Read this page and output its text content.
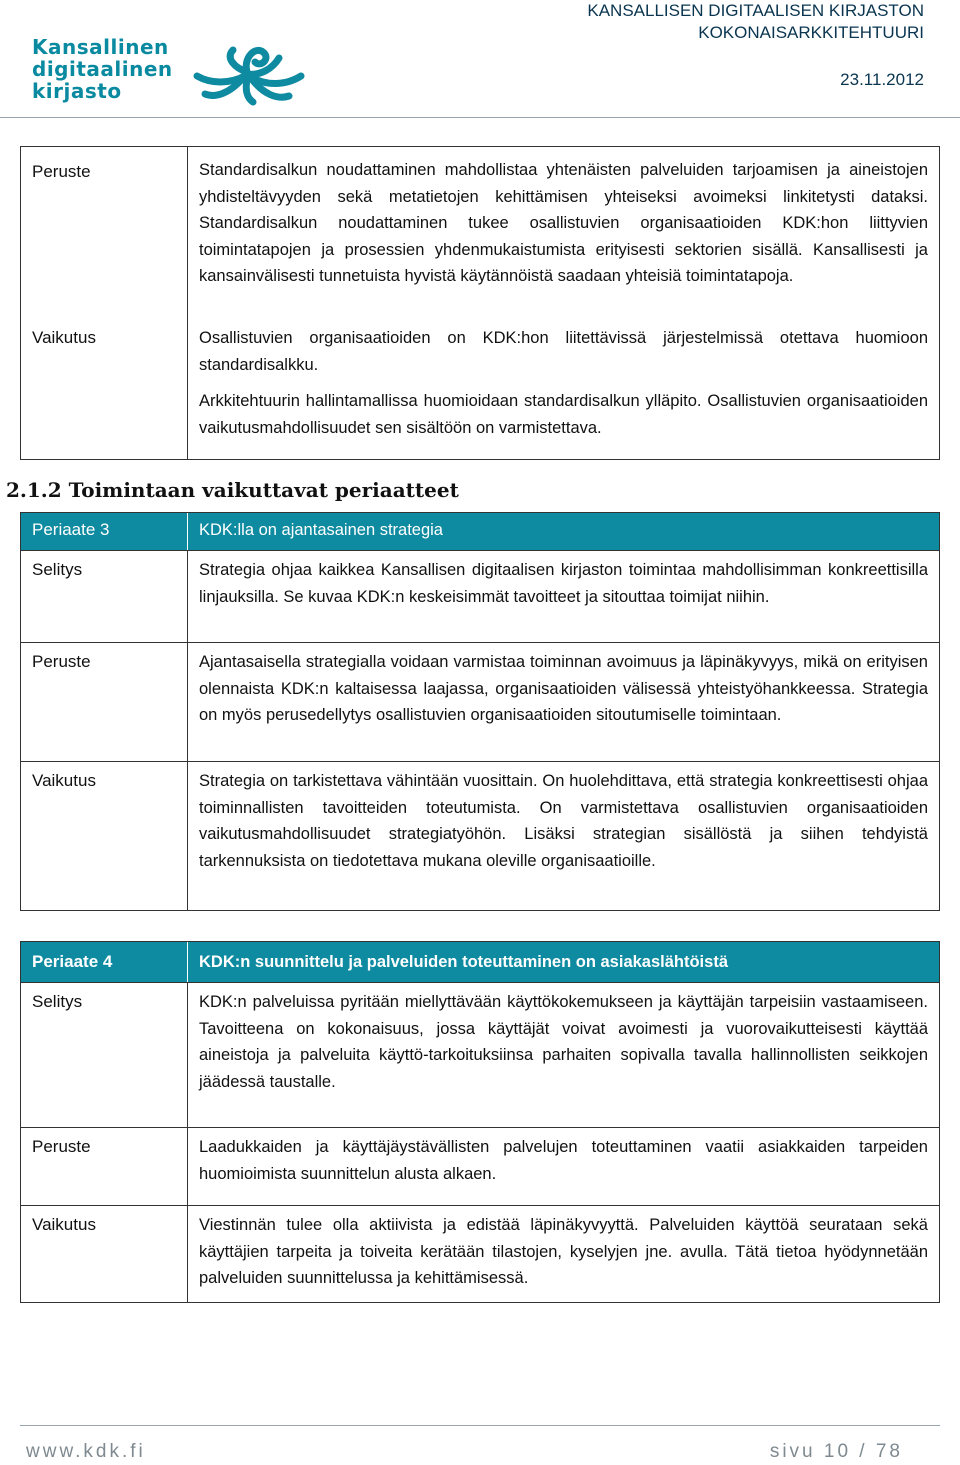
Kansallinen
digitaalinen
kirjasto
KANSALLISEN DIGITAALISEN KIRJASTON
KOKONAISARKKITEHTUURI
23.11.2012
Peruste	Standardisalkun noudattaminen mahdollistaa yhtenäisten palveluiden tarjoamisen ja aineistojen yhdisteltävyyden sekä metatietojen kehittämisen yhteiseksi avoimeksi linkitetysti dataksi. Standardisalkun noudattaminen tukee osallistuvien organisaatioiden KDK:hon liittyvien toimintatapojen ja prosessien yhdenmukaistumista erityisesti sektorien sisällä. Kansallisesti ja kansainvälisesti tunnetuista hyvistä käytännöistä saadaan yhteisiä toimintatapoja.

Vaikutus	Osallistuvien organisaatioiden on KDK:hon liitettävissä järjestelmissä otettava huomioon standardisalkku.

Arkkitehtuurin hallintamallissa huomioidaan standardisalkun ylläpito. Osallistuvien organisaatioiden vaikutusmahdollisuudet sen sisältöön on varmistettava.

2.1.2 Toimintaan vaikuttavat periaatteet
Periaate 3	KDK:lla on ajantasainen strategia
Selitys	Strategia ohjaa kaikkea Kansallisen digitaalisen kirjaston toimintaa mahdollisimman konkreettisilla linjauksilla. Se kuvaa KDK:n keskeisimmät tavoitteet ja sitouttaa toimijat niihin.
Peruste	Ajantasaisella strategialla voidaan varmistaa toiminnan avoimuus ja läpinäkyvyys, mikä on erityisen olennaista KDK:n kaltaisessa laajassa, organisaatioiden välisessä yhteistyöhankkeessa. Strategia on myös perusedellytys osallistuvien organisaatioiden sitoutumiselle toimintaan.
Vaikutus	Strategia on tarkistettava vähintään vuosittain. On huolehdittava, että strategia konkreettisesti ohjaa toiminnallisten tavoitteiden toteutumista. On varmistettava osallistuvien organisaatioiden vaikutusmahdollisuudet strategiatyöhön. Lisäksi strategian sisällöstä ja siihen tehdyistä tarkennuksista on tiedotettava mukana oleville organisaatioille.
Periaate 4	KDK:n suunnittelu ja palveluiden toteuttaminen on asiakaslähtöistä
Selitys	KDK:n palveluissa pyritään miellyttävään käyttökokemukseen ja käyttäjän tarpeisiin vastaamiseen. Tavoitteena on kokonaisuus, jossa käyttäjät voivat avoimesti ja vuorovaikutteisesti käyttää aineistoja ja palveluita käyttö-tarkoituksiinsa parhaiten sopivalla tavalla hallinnollisten seikkojen jäädessä taustalle.
Peruste	Laadukkaiden ja käyttäjäystävällisten palvelujen toteuttaminen vaatii asiakkaiden tarpeiden huomioimista suunnittelun alusta alkaen.
Vaikutus	Viestinnän tulee olla aktiivista ja edistää läpinäkyvyyttä. Palveluiden käyttöä seurataan sekä käyttäjien tarpeita ja toiveita kerätään tilastojen, kyselyjen jne. avulla. Tätä tietoa hyödynnetään palveluiden suunnittelussa ja kehittämisessä.
www.kdk.fi	sivu 10 / 78
